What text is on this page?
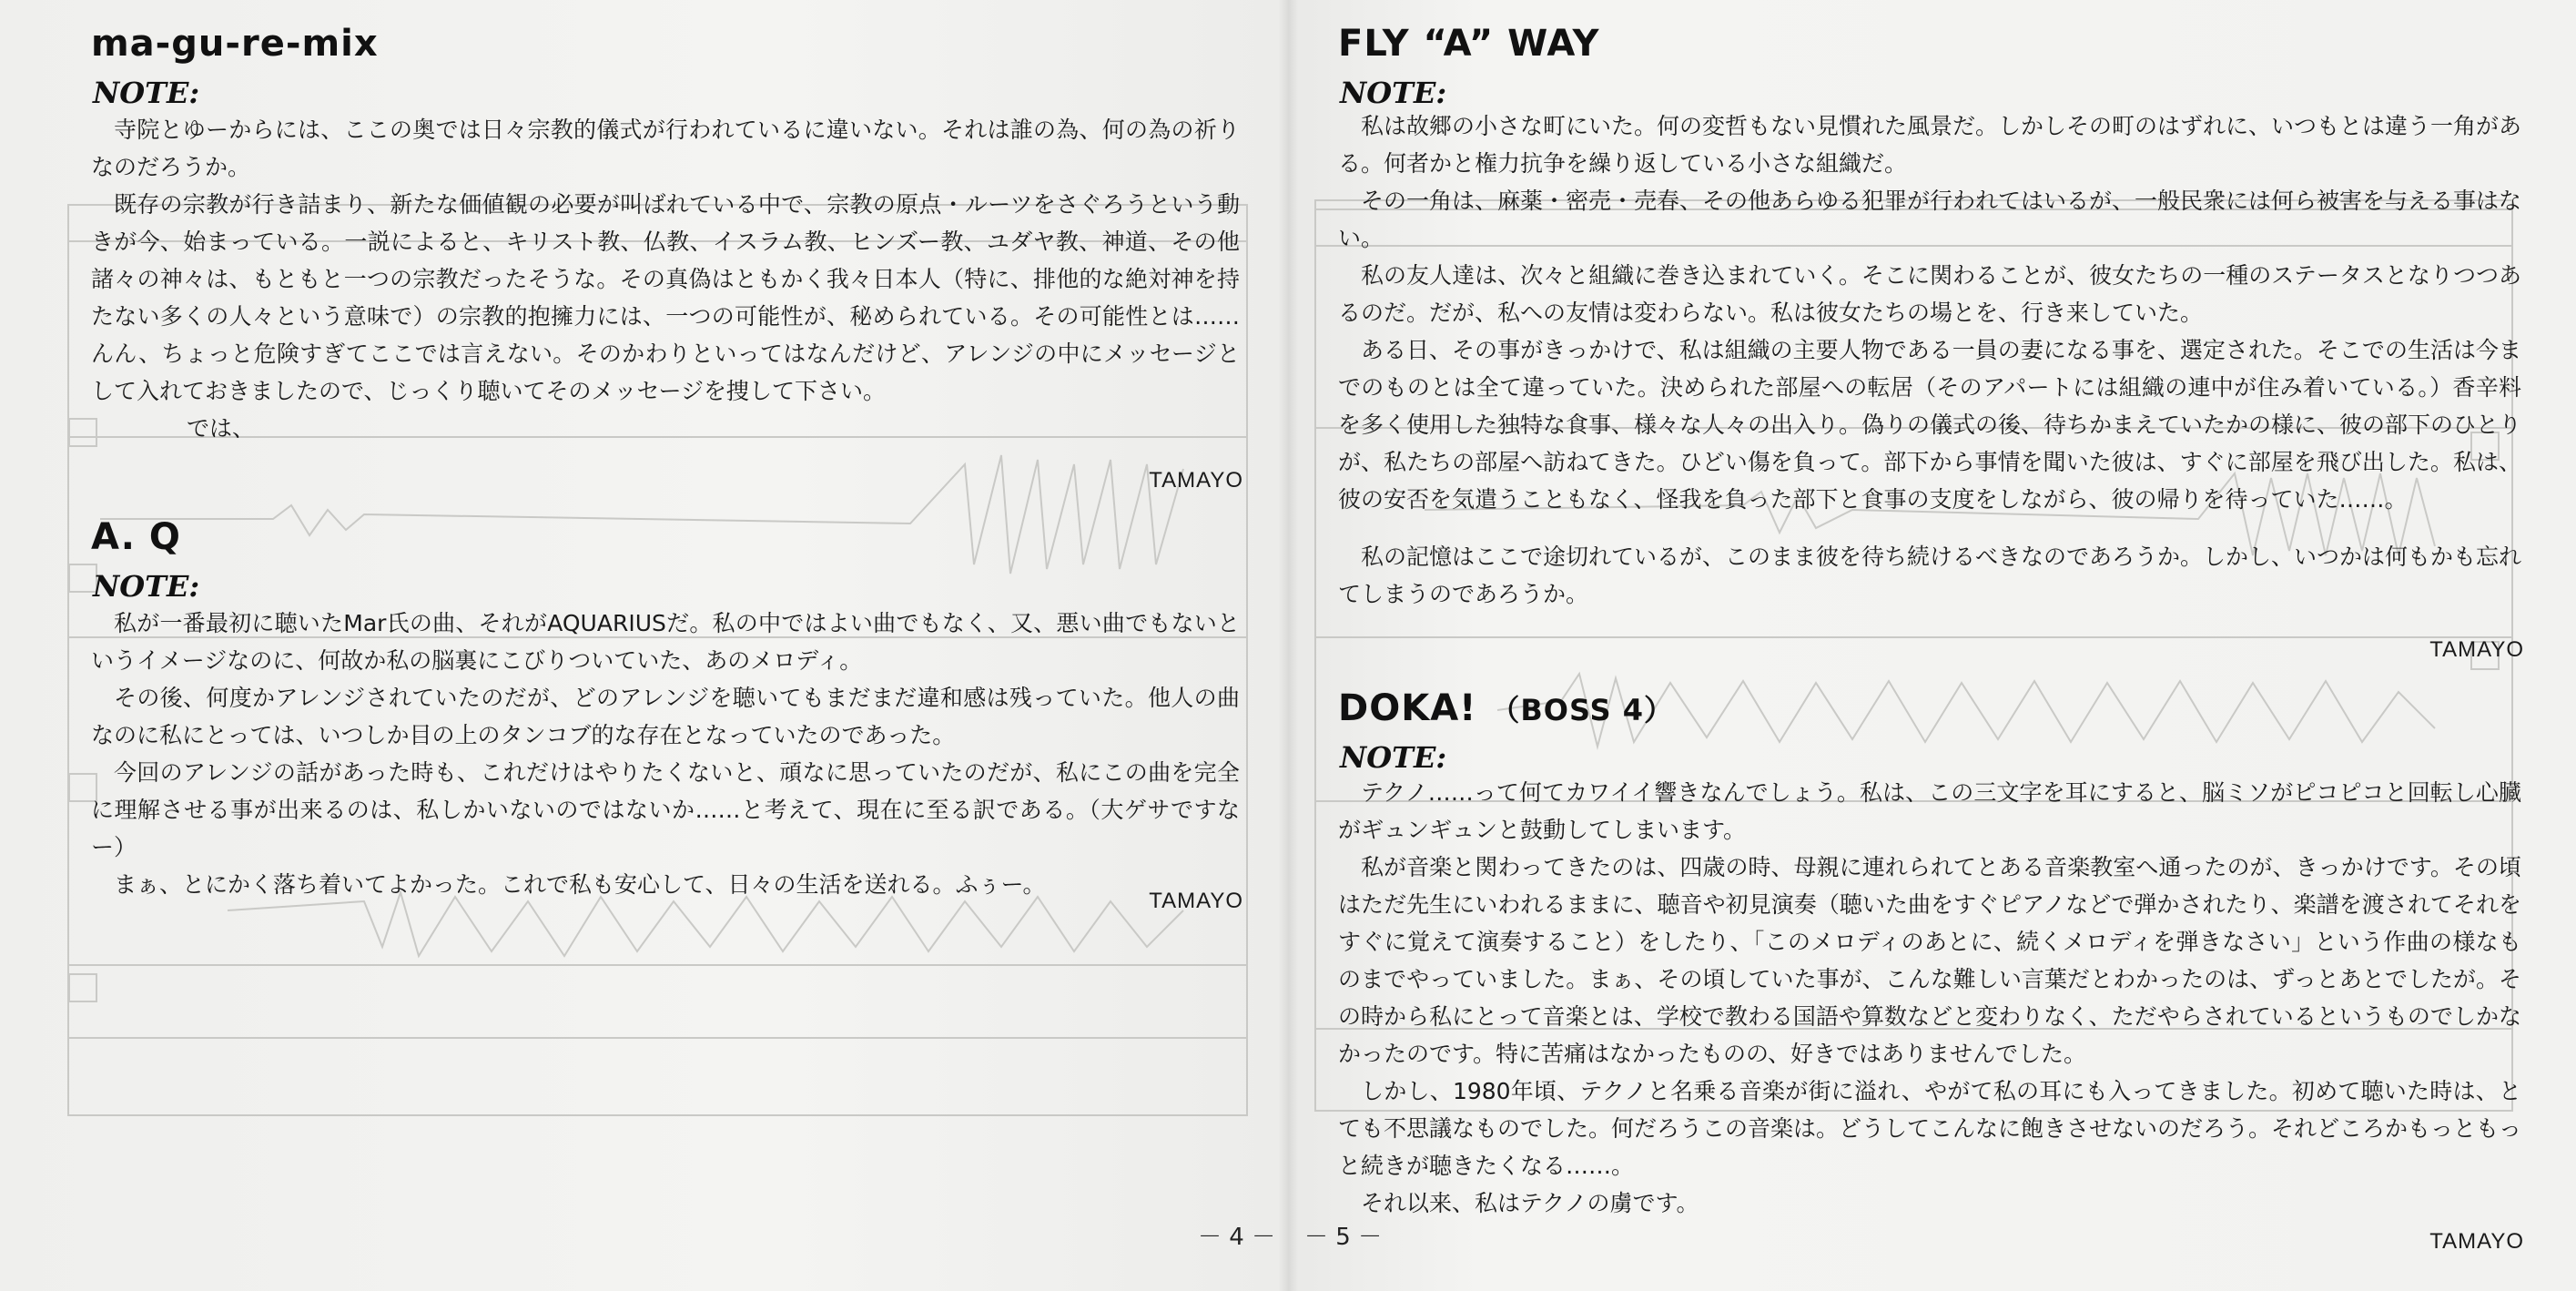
ma-gu-re-mix

NOTE:

寺院とゆーからには、ここの奥では日々宗教的儀式が行われているに違いない。それは誰の為、何の為の祈りなのだろうか。

既存の宗教が行き詰まり、新たな価値観の必要が叫ばれている中で、宗教の原点・ルーツをさぐろうという動きが今、始まっている。一説によると、キリスト教、仏教、イスラム教、ヒンズー教、ユダヤ教、神道、その他諸々の神々は、もともと一つの宗教だったそうな。その真偽はともかく我々日本人（特に、排他的な絶対神を持たない多くの人々という意味で）の宗教的抱擁力には、一つの可能性が、秘められている。その可能性とは……んん、ちょっと危険すぎてここでは言えない。そのかわりといってはなんだけど、アレンジの中にメッセージとして入れておきましたので、じっくり聴いてそのメッセージを捜して下さい。

では、

TAMAYO

A. Q

NOTE:

私が一番最初に聴いたMar氏の曲、それがAQUARIUSだ。私の中ではよい曲でもなく、又、悪い曲でもないというイメージなのに、何故か私の脳裏にこびりついていた、あのメロディ。

その後、何度かアレンジされていたのだが、どのアレンジを聴いてもまだまだ違和感は残っていた。他人の曲なのに私にとっては、いつしか目の上のタンコブ的な存在となっていたのであった。

今回のアレンジの話があった時も、これだけはやりたくないと、頑なに思っていたのだが、私にこの曲を完全に理解させる事が出来るのは、私しかいないのではないか……と考えて、現在に至る訳である。（大ゲサですなー）

まぁ、とにかく落ち着いてよかった。これで私も安心して、日々の生活を送れる。ふぅー。

TAMAYO

－ 4 －
FLY “A” WAY

NOTE:

私は故郷の小さな町にいた。何の変哲もない見慣れた風景だ。しかしその町のはずれに、いつもとは違う一角がある。何者かと権力抗争を繰り返している小さな組織だ。

その一角は、麻薬・密売・売春、その他あらゆる犯罪が行われてはいるが、一般民衆には何ら被害を与える事はない。

私の友人達は、次々と組織に巻き込まれていく。そこに関わることが、彼女たちの一種のステータスとなりつつあるのだ。だが、私への友情は変わらない。私は彼女たちの場とを、行き来していた。

ある日、その事がきっかけで、私は組織の主要人物である一員の妻になる事を、選定された。そこでの生活は今までのものとは全て違っていた。決められた部屋への転居（そのアパートには組織の連中が住み着いている。）香辛料を多く使用した独特な食事、様々な人々の出入り。偽りの儀式の後、待ちかまえていたかの様に、彼の部下のひとりが、私たちの部屋へ訪ねてきた。ひどい傷を負って。部下から事情を聞いた彼は、すぐに部屋を飛び出した。私は、彼の安否を気遣うこともなく、怪我を負った部下と食事の支度をしながら、彼の帰りを待っていた……。

私の記憶はここで途切れているが、このまま彼を待ち続けるべきなのであろうか。しかし、いつかは何もかも忘れてしまうのであろうか。

TAMAYO

DOKA! （BOSS 4）

NOTE:

テクノ……って何てカワイイ響きなんでしょう。私は、この三文字を耳にすると、脳ミソがピコピコと回転し心臓がギュンギュンと鼓動してしまいます。

私が音楽と関わってきたのは、四歳の時、母親に連れられてとある音楽教室へ通ったのが、きっかけです。その頃はただ先生にいわれるままに、聴音や初見演奏（聴いた曲をすぐピアノなどで弾かされたり、楽譜を渡されてそれをすぐに覚えて演奏すること）をしたり、「このメロディのあとに、続くメロディを弾きなさい」という作曲の様なものまでやっていました。まぁ、その頃していた事が、こんな難しい言葉だとわかったのは、ずっとあとでしたが。その時から私にとって音楽とは、学校で教わる国語や算数などと変わりなく、ただやらされているというものでしかなかったのです。特に苦痛はなかったものの、好きではありませんでした。

しかし、1980年頃、テクノと名乗る音楽が街に溢れ、やがて私の耳にも入ってきました。初めて聴いた時は、とても不思議なものでした。何だろうこの音楽は。どうしてこんなに飽きさせないのだろう。それどころかもっともっと続きが聴きたくなる……。

それ以来、私はテクノの虜です。

TAMAYO

－ 5 －
